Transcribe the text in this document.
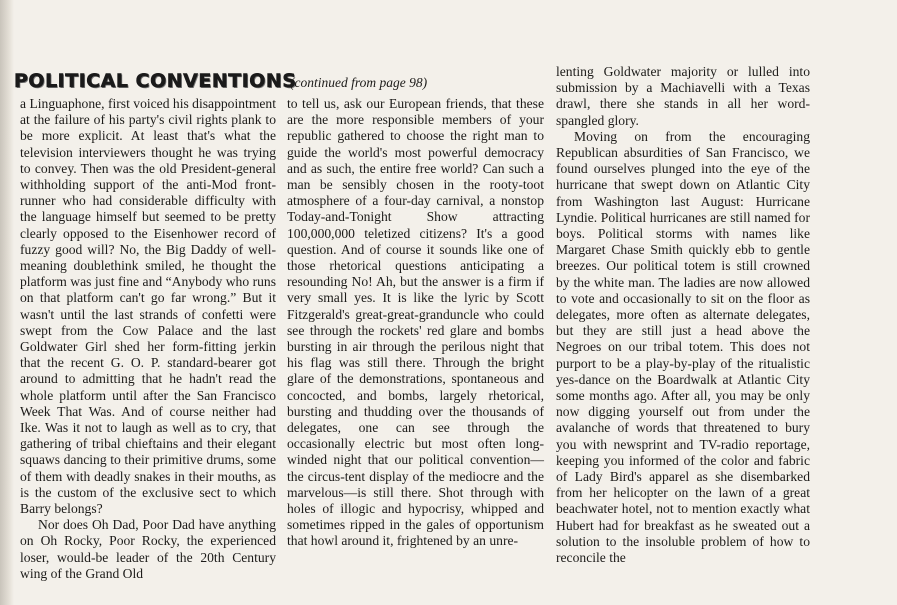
POLITICAL CONVENTIONS
(continued from page 98)

a Linguaphone, first voiced his disappointment at the failure of his party's civil rights plank to be more explicit. At least that's what the television interviewers thought he was trying to convey. Then was the old President-general withholding support of the anti-Mod front-runner who had considerable difficulty with the language himself but seemed to be pretty clearly opposed to the Eisenhower record of fuzzy good will? No, the Big Daddy of well-meaning doublethink smiled, he thought the platform was just fine and “Anybody who runs on that platform can't go far wrong.” But it wasn't until the last strands of confetti were swept from the Cow Palace and the last Goldwater Girl shed her form-fitting jerkin that the recent G. O. P. standard-bearer got around to admitting that he hadn't read the whole platform until after the San Francisco Week That Was. And of course neither had Ike. Was it not to laugh as well as to cry, that gathering of tribal chieftains and their elegant squaws dancing to their primitive drums, some of them with deadly snakes in their mouths, as is the custom of the exclusive sect to which Barry belongs?

Nor does Oh Dad, Poor Dad have anything on Oh Rocky, Poor Rocky, the experienced loser, would-be leader of the 20th Century wing of the Grand Old

to tell us, ask our European friends, that these are the more responsible members of your republic gathered to choose the right man to guide the world's most powerful democracy and as such, the entire free world? Can such a man be sensibly chosen in the rooty-toot atmosphere of a four-day carnival, a nonstop Today-and-Tonight Show attracting 100,000,000 teletized citizens? It's a good question. And of course it sounds like one of those rhetorical questions anticipating a resounding No! Ah, but the answer is a firm if very small yes. It is like the lyric by Scott Fitzgerald's great-great-granduncle who could see through the rockets' red glare and bombs bursting in air through the perilous night that his flag was still there. Through the bright glare of the demonstrations, spontaneous and concocted, and bombs, largely rhetorical, bursting and thudding over the thousands of delegates, one can see through the occasionally electric but most often long-winded night that our political convention—the circus-tent display of the mediocre and the marvelous—is still there. Shot through with holes of illogic and hypocrisy, whipped and sometimes ripped in the gales of opportunism that howl around it, frightened by an unre-

lenting Goldwater majority or lulled into submission by a Machiavelli with a Texas drawl, there she stands in all her word-spangled glory.

Moving on from the encouraging Republican absurdities of San Francisco, we found ourselves plunged into the eye of the hurricane that swept down on Atlantic City from Washington last August: Hurricane Lyndie. Political hurricanes are still named for boys. Political storms with names like Margaret Chase Smith quickly ebb to gentle breezes. Our political totem is still crowned by the white man. The ladies are now allowed to vote and occasionally to sit on the floor as delegates, more often as alternate delegates, but they are still just a head above the Negroes on our tribal totem. This does not purport to be a play-by-play of the ritualistic yes-dance on the Boardwalk at Atlantic City some months ago. After all, you may be only now digging yourself out from under the avalanche of words that threatened to bury you with newsprint and TV-radio reportage, keeping you informed of the color and fabric of Lady Bird's apparel as she disembarked from her helicopter on the lawn of a great beachwater hotel, not to mention exactly what Hubert had for breakfast as he sweated out a solution to the insoluble problem of how to reconcile the
